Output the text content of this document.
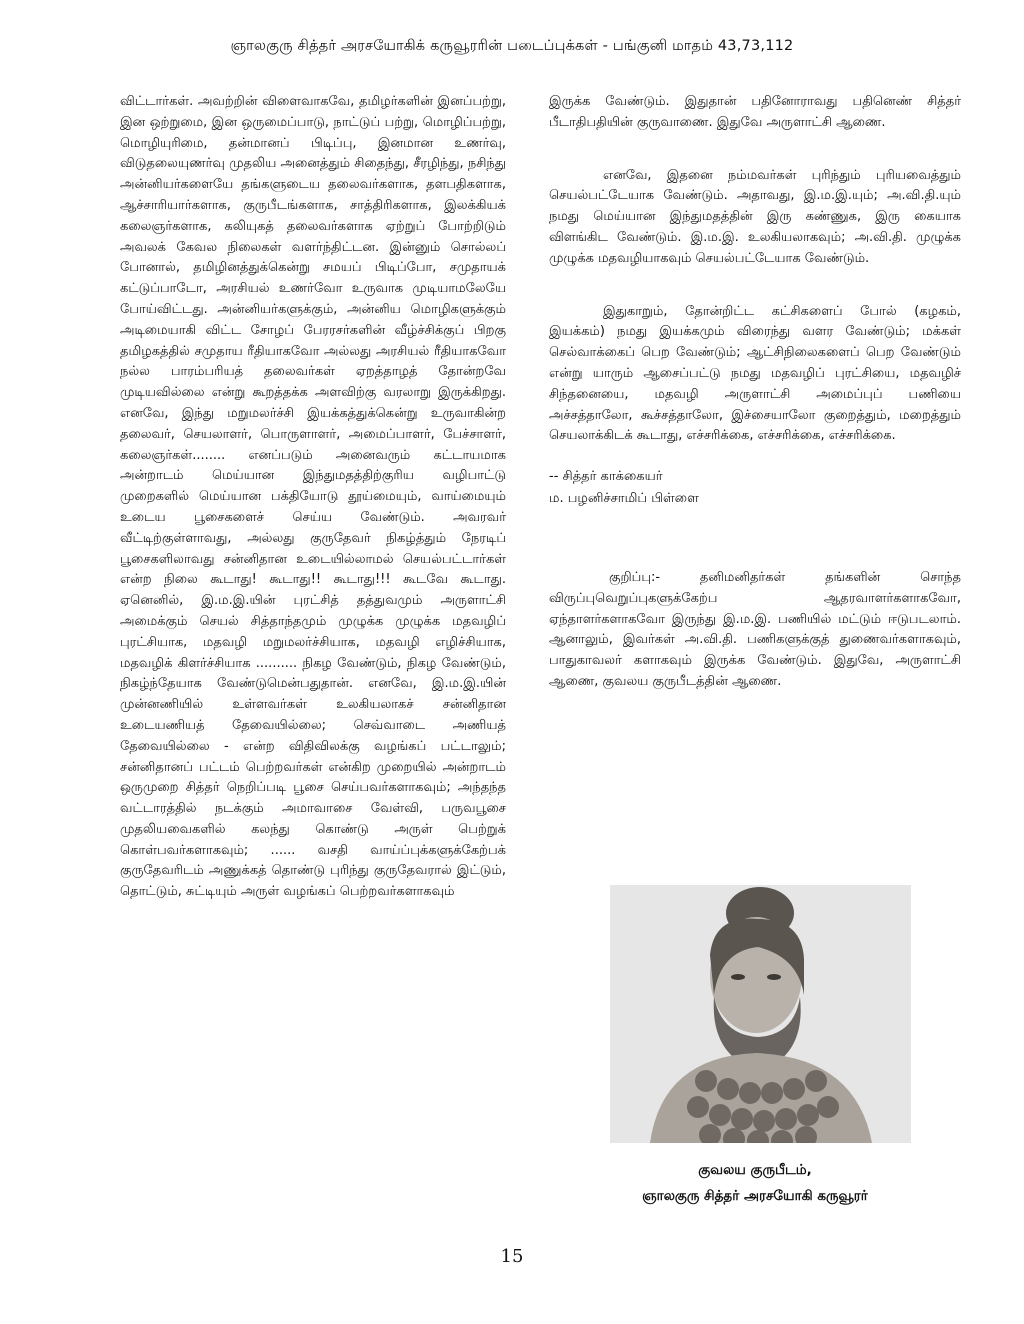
ஞாலகுரு சித்தர் அரசயோகிக் கருவூரரின் படைப்புக்கள் - பங்குனி மாதம் 43,73,112

விட்டார்கள். அவற்றின் விளைவாகவே, தமிழர்களின் இனப்பற்று, இன ஒற்றுமை, இன ஒருமைப்பாடு, நாட்டுப் பற்று, மொழிப்பற்று, மொழியுரிமை, தன்மானப் பிடிப்பு, இனமான உணர்வு, விடுதலையுணர்வு முதலிய அனைத்தும் சிதைந்து, சீரழிந்து, நசிந்து அன்னியர்களையே தங்களுடைய தலைவர்களாக, தளபதிகளாக, ஆச்சாரியார்களாக, குருபீடங்களாக, சாத்திரிகளாக, இலக்கியக் கலைஞர்களாக, கலியுகத் தலைவர்களாக ஏற்றுப் போற்றிடும் அவலக் கேவல நிலைகள் வளர்ந்திட்டன. இன்னும் சொல்லப் போனால், தமிழினத்துக்கென்று சமயப் பிடிப்போ, சமுதாயக் கட்டுப்பாடோ, அரசியல் உணர்வோ உருவாக முடியாமலேயே போய்விட்டது. அன்னியர்களுக்கும், அன்னிய மொழிகளுக்கும் அடிமையாகி விட்ட சோழப் பேரரசர்களின் வீழ்ச்சிக்குப் பிறகு தமிழகத்தில் சமுதாய ரீதியாகவோ அல்லது அரசியல் ரீதியாகவோ நல்ல பாரம்பரியத் தலைவர்கள் ஏறத்தாழத் தோன்றவே முடியவில்லை என்று கூறத்தக்க அளவிற்கு வரலாறு இருக்கிறது. எனவே, இந்து மறுமலர்ச்சி இயக்கத்துக்கென்று உருவாகின்ற தலைவர், செயலாளர், பொருளாளர், அமைப்பாளர், பேச்சாளர், கலைஞர்கள்........ எனப்படும் அனைவரும் கட்டாயமாக அன்றாடம் மெய்யான இந்துமதத்திற்குரிய வழிபாட்டு முறைகளில் மெய்யான பக்தியோடு தூய்மையும், வாய்மையும் உடைய பூசைகளைச் செய்ய வேண்டும். அவரவர் வீட்டிற்குள்ளாவது, அல்லது குருதேவர் நிகழ்த்தும் நேரடிப் பூசைகளிலாவது சன்னிதான உடையில்லாமல் செயல்பட்டார்கள் என்ற நிலை கூடாது! கூடாது!! கூடாது!!! கூடவே கூடாது. ஏனெனில், இ.ம.இ.யின் புரட்சித் தத்துவமும் அருளாட்சி அமைக்கும் செயல் சித்தாந்தமும் முழுக்க முழுக்க மதவழிப் புரட்சியாக, மதவழி மறுமலர்ச்சியாக, மதவழி எழிச்சியாக, மதவழிக் கிளர்ச்சியாக .......... நிகழ வேண்டும், நிகழ வேண்டும், நிகழ்ந்தேயாக வேண்டுமென்பதுதான். எனவே, இ.ம.இ.யின் முன்னணியில் உள்ளவர்கள் உலகியலாகச் சன்னிதான உடையணியத் தேவையில்லை; செவ்வாடை அணியத் தேவையில்லை - என்ற விதிவிலக்கு வழங்கப் பட்டாலும்; சன்னிதானப் பட்டம் பெற்றவர்கள் என்கிற முறையில் அன்றாடம் ஒருமுறை சித்தர் நெறிப்படி பூசை செய்பவர்களாகவும்; அந்தந்த வட்டாரத்தில் நடக்கும் அமாவாசை வேள்வி, பருவபூசை முதலியவைகளில் கலந்து கொண்டு அருள் பெற்றுக் கொள்பவர்களாகவும்; ...... வசதி வாய்ப்புக்களுக்கேற்பக் குருதேவரிடம் அணுக்கத் தொண்டு புரிந்து குருதேவரால் இட்டும், தொட்டும், சுட்டியும் அருள் வழங்கப் பெற்றவர்களாகவும்

இருக்க வேண்டும். இதுதான் பதினோராவது பதினெண் சித்தர் பீடாதிபதியின் குருவாணை. இதுவே அருளாட்சி ஆணை.

எனவே, இதனை நம்மவர்கள் புரிந்தும் புரியவைத்தும் செயல்பட்டேயாக வேண்டும். அதாவது, இ.ம.இ.யும்; அ.வி.தி.யும் நமது மெய்யான இந்துமதத்தின் இரு கண்ணுக, இரு கையாக விளங்கிட வேண்டும். இ.ம.இ. உலகியலாகவும்; அ.வி.தி. முழுக்க முழுக்க மதவழியாகவும் செயல்பட்டேயாக வேண்டும்.

இதுகாறும், தோன்றிட்ட கட்சிகளைப் போல் (கழகம், இயக்கம்) நமது இயக்கமும் விரைந்து வளர வேண்டும்; மக்கள் செல்வாக்கைப் பெற வேண்டும்; ஆட்சிநிலைகளைப் பெற வேண்டும் என்று யாரும் ஆசைப்பட்டு நமது மதவழிப் புரட்சியை, மதவழிச் சிந்தனையை, மதவழி அருளாட்சி அமைப்புப் பணியை அச்சத்தாலோ, கூச்சத்தாலோ, இச்சையாலோ குறைத்தும், மறைத்தும் செயலாக்கிடக் கூடாது, எச்சரிக்கை, எச்சரிக்கை, எச்சரிக்கை.

-- சித்தர் காக்கையர்

ம. பழனிச்சாமிப் பிள்ளை

குறிப்பு:- தனிமனிதர்கள் தங்களின் சொந்த விருப்புவெறுப்புகளுக்கேற்ப ஆதரவாளர்களாகவோ, ஏந்தாளர்களாகவோ இருந்து இ.ம.இ. பணியில் மட்டும் ஈடுபடலாம். ஆனாலும், இவர்கள் அ.வி.தி. பணிகளுக்குத் துணைவர்களாகவும், பாதுகாவலர் களாகவும் இருக்க வேண்டும். இதுவே, அருளாட்சி ஆணை, குவலய குருபீடத்தின் ஆணை.

குவலய குருபீடம்,
ஞாலகுரு சித்தர் அரசயோகி கருவூரர்
15
